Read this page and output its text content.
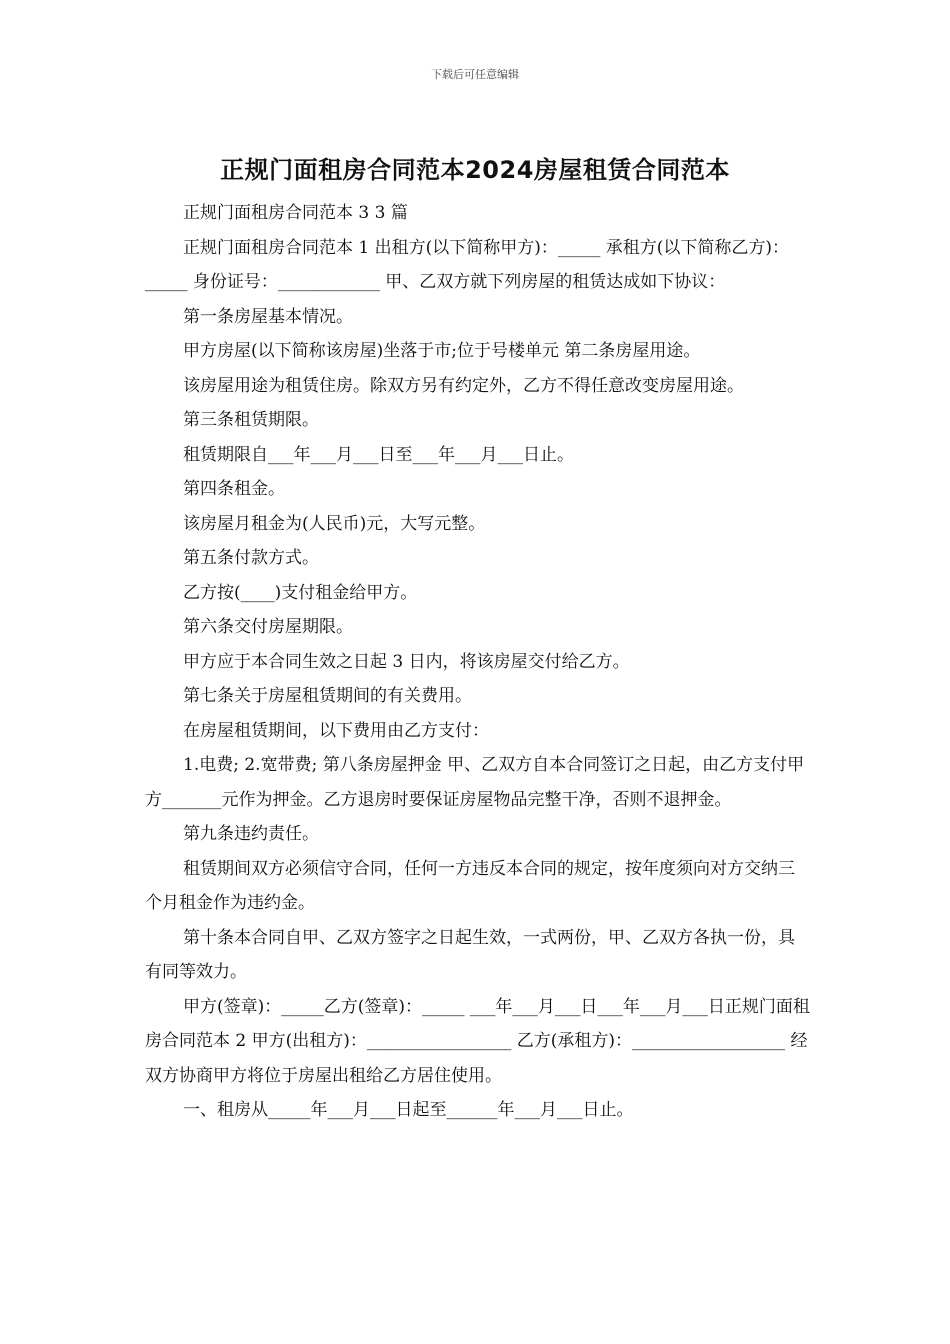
下载后可任意编辑
正规门面租房合同范本2024房屋租赁合同范本

正规门面租房合同范本 3 3 篇

正规门面租房合同范本 1 出租方(以下简称甲方)：_____ 承租方(以下简称乙方)：_____ 身份证号：____________ 甲、乙双方就下列房屋的租赁达成如下协议：

第一条房屋基本情况。

甲方房屋(以下简称该房屋)坐落于市;位于号楼单元 第二条房屋用途。

该房屋用途为租赁住房。除双方另有约定外，乙方不得任意改变房屋用途。

第三条租赁期限。

租赁期限自___年___月___日至___年___月___日止。

第四条租金。

该房屋月租金为(人民币)元，大写元整。

第五条付款方式。

乙方按(____)支付租金给甲方。

第六条交付房屋期限。

甲方应于本合同生效之日起 3 日内，将该房屋交付给乙方。

第七条关于房屋租赁期间的有关费用。

在房屋租赁期间，以下费用由乙方支付：

1.电费; 2.宽带费; 第八条房屋押金 甲、乙双方自本合同签订之日起，由乙方支付甲方_______元作为押金。乙方退房时要保证房屋物品完整干净，否则不退押金。

第九条违约责任。

租赁期间双方必须信守合同，任何一方违反本合同的规定，按年度须向对方交纳三个月租金作为违约金。

第十条本合同自甲、乙双方签字之日起生效，一式两份，甲、乙双方各执一份，具有同等效力。

甲方(签章)：_____乙方(签章)：_____ ___年___月___日___年___月___日正规门面租房合同范本 2 甲方(出租方)：_________________ 乙方(承租方)：__________________ 经双方协商甲方将位于房屋出租给乙方居住使用。

一、租房从_____年___月___日起至______年___月___日止。
